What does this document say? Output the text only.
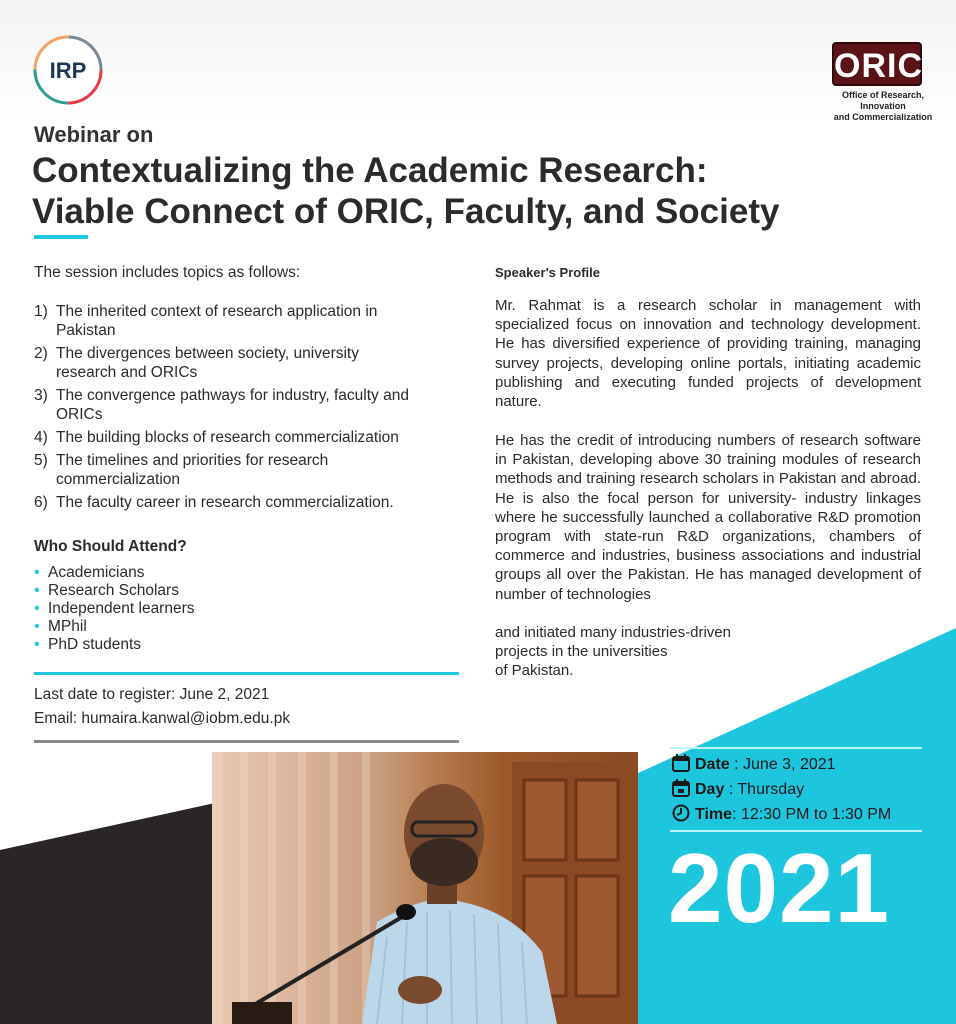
IRP	ORIC
Office of Research, Innovation
and Commercialization
Webinar on
Contextualizing the Academic Research:
Viable Connect of ORIC, Faculty, and Society
The session includes topics as follows:
1) The inherited context of research application in
Pakistan
2) The divergences between society, university
research and ORICs
3) The convergence pathways for industry, faculty and
ORICs
4) The building blocks of research commercialization
5) The timelines and priorities for research
commercialization
6) The faculty career in research commercialization.
Who Should Attend?
• Academicians
• Research Scholars
• Independent learners
• MPhil
• PhD students
Last date to register: June 2, 2021
Email: humaira.kanwal@iobm.edu.pk
Speaker's Profile

Mr. Rahmat is a research scholar in management with specialized focus on innovation and technology development. He has diversified experience of providing training, managing survey projects, developing online portals, initiating academic publishing and executing funded projects of development nature.

He has the credit of introducing numbers of research software in Pakistan, developing above 30 training modules of research methods and training research scholars in Pakistan and abroad. He is also the focal person for university- industry linkages where he successfully launched a collaborative R&D promotion program with state-run R&D organizations, chambers of commerce and industries, business associations and industrial groups all over the Pakistan. He has managed development of number of technologies

and initiated many industries-driven
projects in the universities
of Pakistan.
Date : June 3, 2021
Day : Thursday
Time: 12:30 PM to 1:30 PM
2021
